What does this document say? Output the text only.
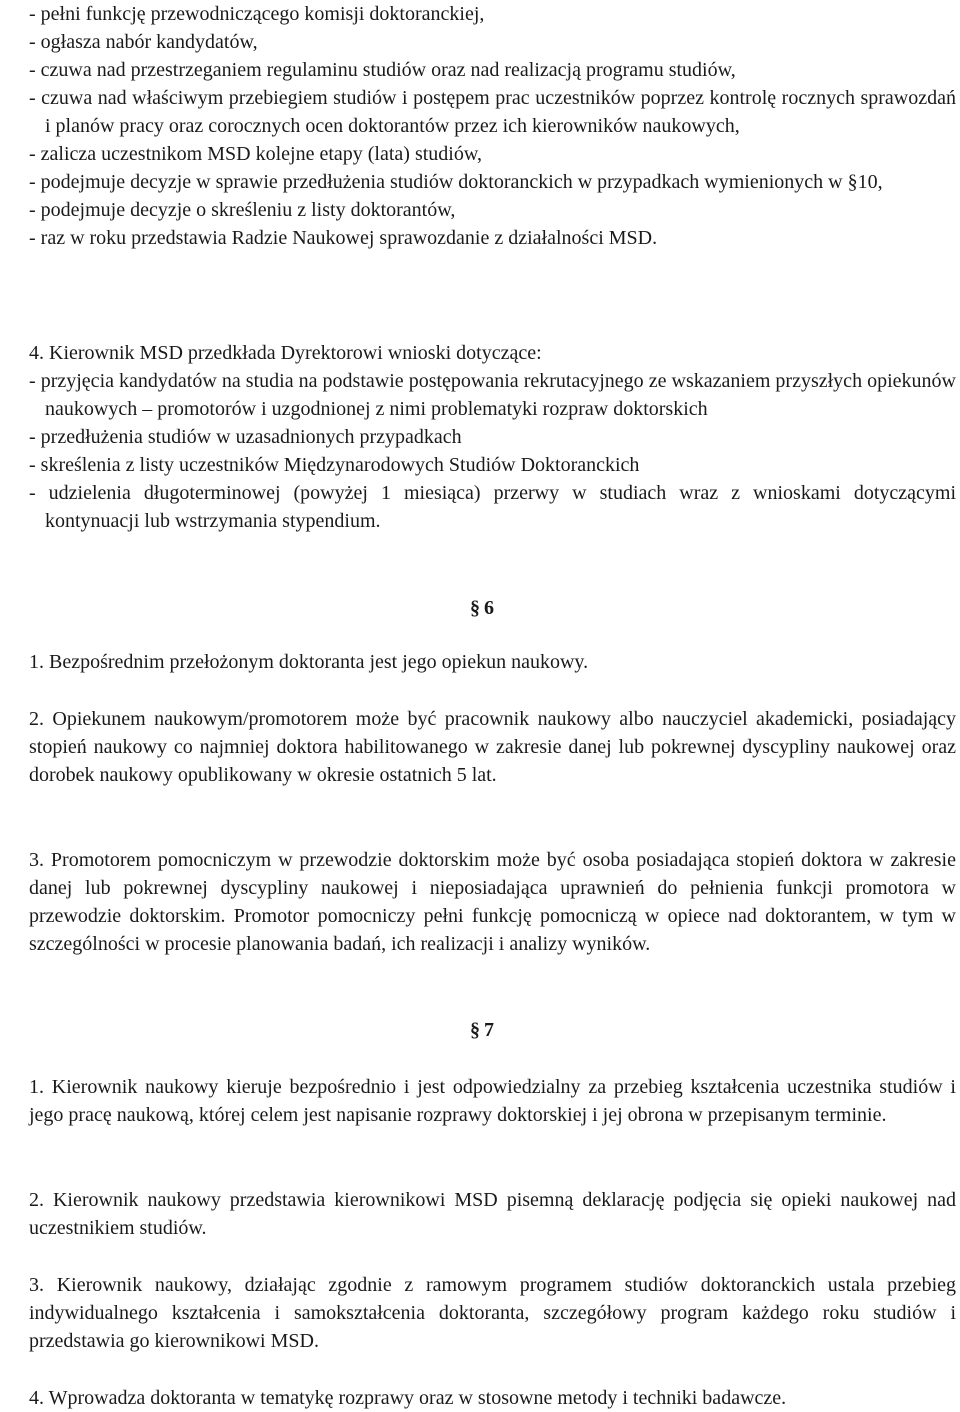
- pełni funkcję przewodniczącego komisji doktoranckiej,

- ogłasza nabór kandydatów,

- czuwa nad przestrzeganiem regulaminu studiów oraz nad realizacją programu studiów,

- czuwa nad właściwym przebiegiem studiów i postępem prac uczestników poprzez kontrolę rocznych sprawozdań i planów pracy oraz corocznych ocen doktorantów przez ich kierowników naukowych,

- zalicza uczestnikom MSD kolejne etapy (lata) studiów,

- podejmuje decyzje w sprawie przedłużenia studiów doktoranckich w przypadkach wymienionych w §10,

- podejmuje decyzje o skreśleniu z listy doktorantów,

- raz w roku przedstawia Radzie Naukowej sprawozdanie z działalności MSD.

4. Kierownik MSD przedkłada Dyrektorowi wnioski dotyczące:

- przyjęcia kandydatów na studia na podstawie postępowania rekrutacyjnego ze wskazaniem przyszłych opiekunów naukowych – promotorów i uzgodnionej z nimi problematyki rozpraw doktorskich

- przedłużenia studiów w uzasadnionych przypadkach

- skreślenia z listy uczestników Międzynarodowych Studiów Doktoranckich

- udzielenia długoterminowej (powyżej 1 miesiąca) przerwy w studiach wraz z wnioskami dotyczącymi kontynuacji lub wstrzymania stypendium.

§ 6

1. Bezpośrednim przełożonym doktoranta jest jego opiekun naukowy.

2. Opiekunem naukowym/promotorem może być pracownik naukowy albo nauczyciel akademicki, posiadający stopień naukowy co najmniej doktora habilitowanego w zakresie danej lub pokrewnej dyscypliny naukowej oraz dorobek naukowy opublikowany w okresie ostatnich 5 lat.

3. Promotorem pomocniczym w przewodzie doktorskim może być osoba posiadająca stopień doktora w zakresie danej lub pokrewnej dyscypliny naukowej i nieposiadająca uprawnień do pełnienia funkcji promotora w przewodzie doktorskim. Promotor pomocniczy pełni funkcję pomocniczą w opiece nad doktorantem, w tym w szczególności w procesie planowania badań, ich realizacji i analizy wyników.

§ 7

1. Kierownik naukowy kieruje bezpośrednio i jest odpowiedzialny za przebieg kształcenia uczestnika studiów i jego pracę naukową, której celem jest napisanie rozprawy doktorskiej i jej obrona w przepisanym terminie.

2. Kierownik naukowy przedstawia kierownikowi MSD pisemną deklarację podjęcia się opieki naukowej nad uczestnikiem studiów.

3. Kierownik naukowy, działając zgodnie z ramowym programem studiów doktoranckich ustala przebieg indywidualnego kształcenia i samokształcenia doktoranta, szczegółowy program każdego roku studiów i przedstawia go kierownikowi MSD.

4. Wprowadza doktoranta w tematykę rozprawy oraz w stosowne metody i techniki badawcze.
